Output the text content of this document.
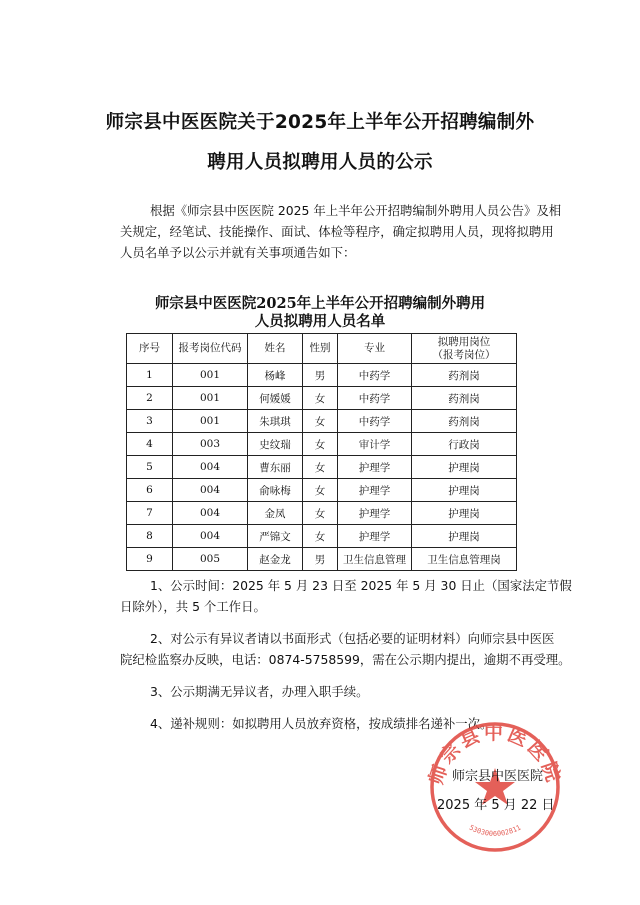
师宗县中医医院关于2025年上半年公开招聘编制外
聘用人员拟聘用人员的公示
根据《师宗县中医医院 2025 年上半年公开招聘编制外聘用人员公告》及相
关规定，经笔试、技能操作、面试、体检等程序，确定拟聘用人员，现将拟聘用
人员名单予以公示并就有关事项通告如下：
师宗县中医医院2025年上半年公开招聘编制外聘用
人员拟聘用人员名单
序号	报考岗位代码	姓名	性别	专业	拟聘用岗位
（报考岗位）

1	001	杨峰	男	中药学	药剂岗
2	001	何媛媛	女	中药学	药剂岗
3	001	朱琪琪	女	中药学	药剂岗
4	003	史纹瑞	女	审计学	行政岗
5	004	曹东丽	女	护理学	护理岗
6	004	俞咏梅	女	护理学	护理岗
7	004	金凤	女	护理学	护理岗
8	004	严锦文	女	护理学	护理岗
9	005	赵金龙	男	卫生信息管理	卫生信息管理岗

1、公示时间：2025 年 5 月 23 日至 2025 年 5 月 30 日止（国家法定节假
日除外），共 5 个工作日。

2、对公示有异议者请以书面形式（包括必要的证明材料）向师宗县中医医
院纪检监察办反映，电话：0874-5758599，需在公示期内提出，逾期不再受理。

3、公示期满无异议者，办理入职手续。

4、递补规则：如拟聘用人员放弃资格，按成绩排名递补一次。

师宗县中医医院
5303006002811
师宗县中医医院
2025 年 5 月 22 日
